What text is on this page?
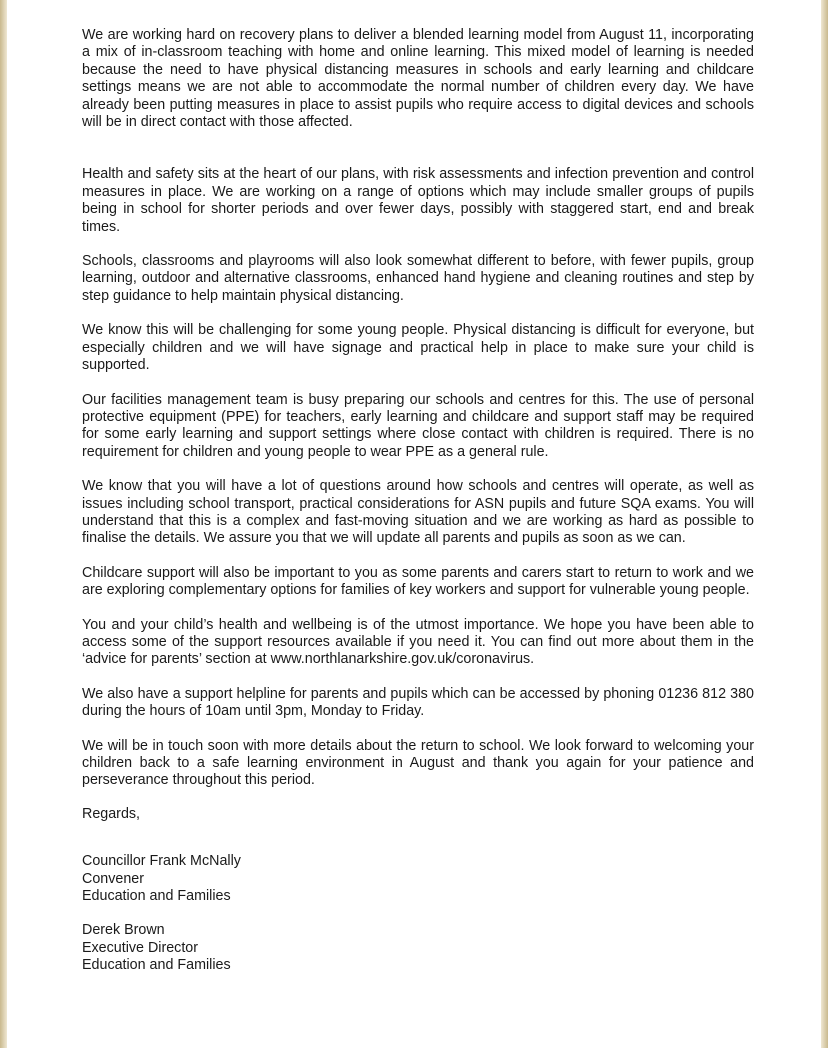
We are working hard on recovery plans to deliver a blended learning model from August 11, incorporating a mix of in-classroom teaching with home and online learning. This mixed model of learning is needed because the need to have physical distancing measures in schools and early learning and childcare settings means we are not able to accommodate the normal number of children every day. We have already been putting measures in place to assist pupils who require access to digital devices and schools will be in direct contact with those affected.

Health and safety sits at the heart of our plans, with risk assessments and infection prevention and control measures in place. We are working on a range of options which may include smaller groups of pupils being in school for shorter periods and over fewer days, possibly with staggered start, end and break times.

Schools, classrooms and playrooms will also look somewhat different to before, with fewer pupils, group learning, outdoor and alternative classrooms, enhanced hand hygiene and cleaning routines and step by step guidance to help maintain physical distancing.

We know this will be challenging for some young people. Physical distancing is difficult for everyone, but especially children and we will have signage and practical help in place to make sure your child is supported.

Our facilities management team is busy preparing our schools and centres for this. The use of personal protective equipment (PPE) for teachers, early learning and childcare and support staff may be required for some early learning and support settings where close contact with children is required. There is no requirement for children and young people to wear PPE as a general rule.

We know that you will have a lot of questions around how schools and centres will operate, as well as issues including school transport, practical considerations for ASN pupils and future SQA exams. You will understand that this is a complex and fast-moving situation and we are working as hard as possible to finalise the details. We assure you that we will update all parents and pupils as soon as we can.

Childcare support will also be important to you as some parents and carers start to return to work and we are exploring complementary options for families of key workers and support for vulnerable young people.

You and your child’s health and wellbeing is of the utmost importance. We hope you have been able to access some of the support resources available if you need it. You can find out more about them in the ‘advice for parents’ section at www.northlanarkshire.gov.uk/coronavirus.

We also have a support helpline for parents and pupils which can be accessed by phoning 01236 812 380 during the hours of 10am until 3pm, Monday to Friday.

We will be in touch soon with more details about the return to school. We look forward to welcoming your children back to a safe learning environment in August and thank you again for your patience and perseverance throughout this period.

Regards,

Councillor Frank McNally
Convener
Education and Families
Derek Brown
Executive Director
Education and Families
